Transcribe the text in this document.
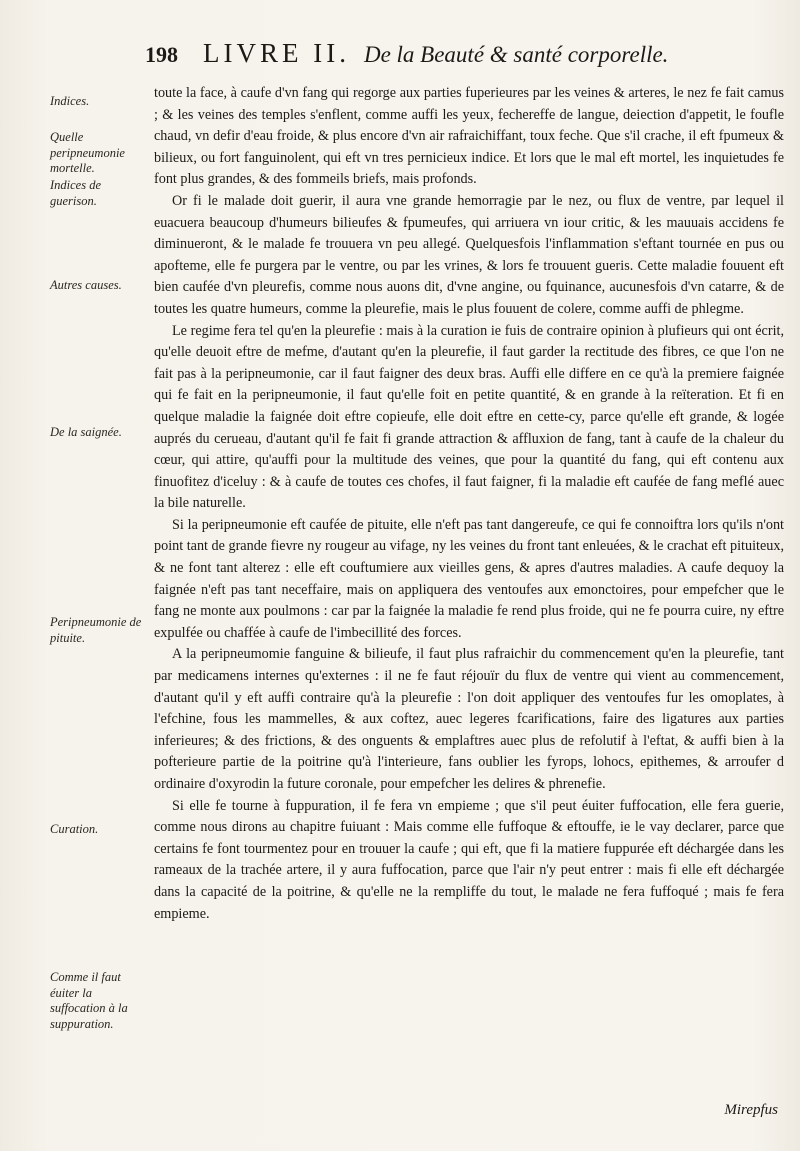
198 LIVRE II. De la Beauté & santé corporelle.
Indices.
Quelle peripneumonie mortelle.
Indices de guerison.
Autres causes.
De la saignée.
Peripneumonie de pituite.
Curation.
Comme il faut éuiter la suffocation à la suppuration.

toute la face, à caufe d'vn fang qui regorge aux parties fuperieures par les veines & arteres, le nez fe fait camus ; & les veines des temples s'enflent, comme auffi les yeux, fechereffe de langue, deiection d'appetit, le foufle chaud, vn defir d'eau froide, & plus encore d'vn air rafraichiffant, toux feche. Que s'il crache, il eft fpumeux & bilieux, ou fort fanguinolent, qui eft vn tres pernicieux indice. Et lors que le mal eft mortel, les inquietudes fe font plus grandes, & des fommeils briefs, mais profonds.

Or fi le malade doit guerir, il aura vne grande hemorragie par le nez, ou flux de ventre, par lequel il euacuera beaucoup d'humeurs bilieufes & fpumeufes, qui arriuera vn iour critic, & les mauuais accidens fe diminueront, & le malade fe trouuera vn peu allegé. Quelquesfois l'inflammation s'eftant tournée en pus ou apofteme, elle fe purgera par le ventre, ou par les vrines, & lors fe trouuent gueris. Cette maladie fouuent eft bien caufée d'vn pleurefis, comme nous auons dit, d'vne angine, ou fquinance, aucunesfois d'vn catarre, & de toutes les quatre humeurs, comme la pleurefie, mais le plus fouuent de colere, comme auffi de phlegme.

Le regime fera tel qu'en la pleurefie : mais à la curation ie fuis de contraire opinion à plufieurs qui ont écrit, qu'elle deuoit eftre de mefme, d'autant qu'en la pleurefie, il faut garder la rectitude des fibres, ce que l'on ne fait pas à la peripneumonie, car il faut faigner des deux bras. Auffi elle differe en ce qu'à la premiere faignée qui fe fait en la peripneumonie, il faut qu'elle foit en petite quantité, & en grande à la reïteration. Et fi en quelque maladie la faignée doit eftre copieufe, elle doit eftre en cette-cy, parce qu'elle eft grande, & logée auprés du cerueau, d'autant qu'il fe fait fi grande attraction & affluxion de fang, tant à caufe de la chaleur du cœur, qui attire, qu'auffi pour la multitude des veines, que pour la quantité du fang, qui eft contenu aux finuofitez d'iceluy : & à caufe de toutes ces chofes, il faut faigner, fi la maladie eft caufée de fang meflé auec la bile naturelle.

Si la peripneumonie eft caufée de pituite, elle n'eft pas tant dangereufe, ce qui fe connoiftra lors qu'ils n'ont point tant de grande fievre ny rougeur au vifage, ny les veines du front tant enleuées, & le crachat eft pituiteux, & ne font tant alterez : elle eft couftumiere aux vieilles gens, & apres d'autres maladies. A caufe dequoy la faignée n'eft pas tant neceffaire, mais on appliquera des ventoufes aux emonctoires, pour empefcher que le fang ne monte aux poulmons : car par la faignée la maladie fe rend plus froide, qui ne fe pourra cuire, ny eftre expulfée ou chaffée à caufe de l'imbecillité des forces.

A la peripneumomie fanguine & bilieufe, il faut plus rafraichir du commencement qu'en la pleurefie, tant par medicamens internes qu'externes : il ne fe faut réjouïr du flux de ventre qui vient au commencement, d'autant qu'il y eft auffi contraire qu'à la pleurefie : l'on doit appliquer des ventoufes fur les omoplates, à l'efchine, fous les mammelles, & aux coftez, auec legeres fcarifications, faire des ligatures aux parties inferieures; & des frictions, & des onguents & emplaftres auec plus de refolutif à l'eftat, & auffi bien à la pofterieure partie de la poitrine qu'à l'interieure, fans oublier les fyrops, lohocs, epithemes, & arroufer d ordinaire d'oxyrodin la future coronale, pour empefcher les delires & phrenefie.

Si elle fe tourne à fuppuration, il fe fera vn empieme ; que s'il peut éuiter fuffocation, elle fera guerie, comme nous dirons au chapitre fuiuant : Mais comme elle fuffoque & eftouffe, ie le vay declarer, parce que certains fe font tourmentez pour en trouuer la caufe ; qui eft, que fi la matiere fuppurée eft déchargée dans les rameaux de la trachée artere, il y aura fuffocation, parce que l'air n'y peut entrer : mais fi elle eft déchargée dans la capacité de la poitrine, & qu'elle ne la rempliffe du tout, le malade ne fera fuffoqué ; mais fe fera empieme.

Mirepfus
